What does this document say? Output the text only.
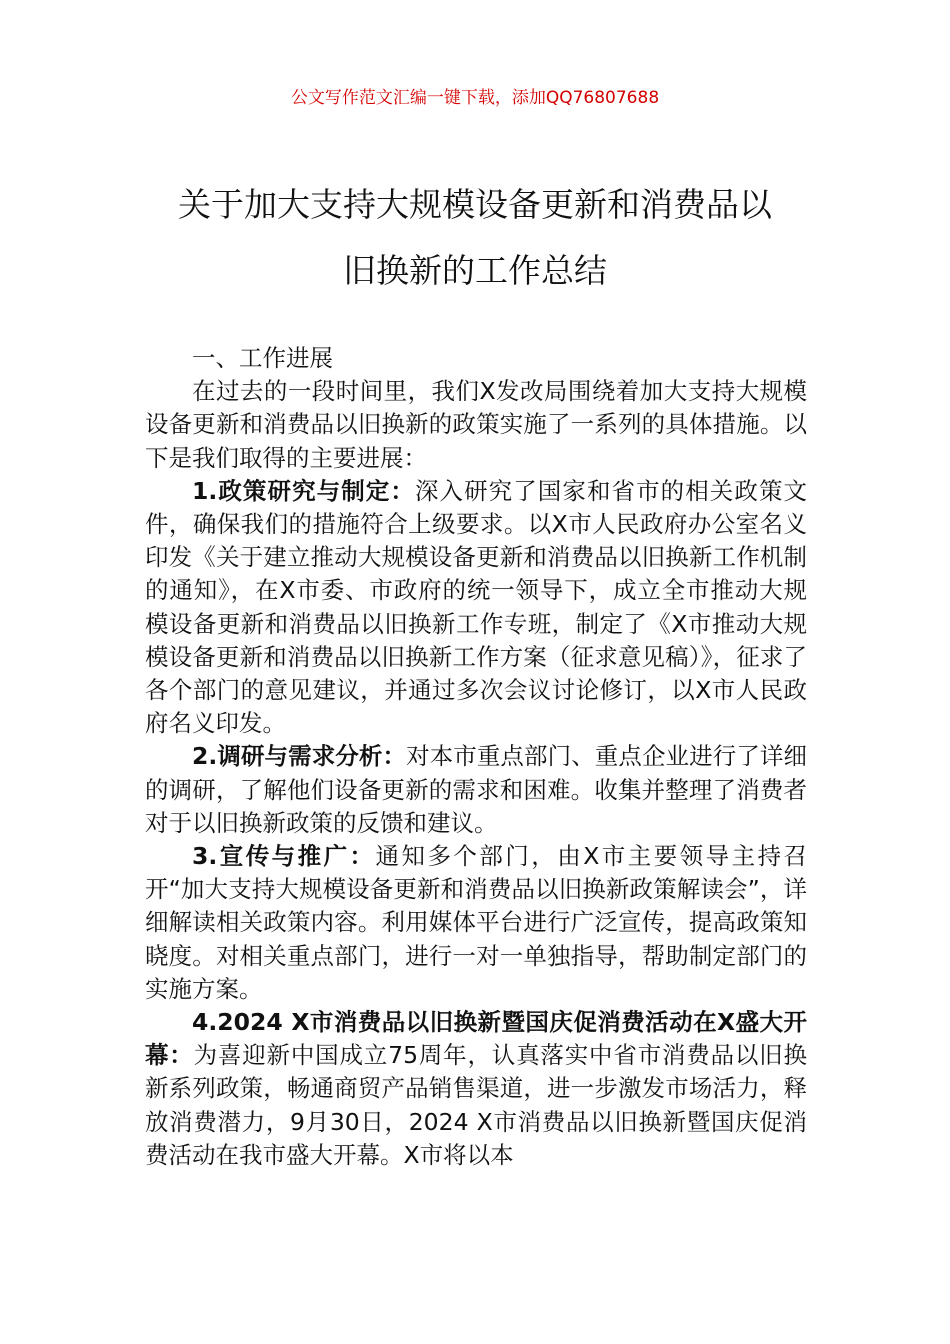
公文写作范文汇编一键下载，添加QQ76807688
关于加大支持大规模设备更新和消费品以
旧换新的工作总结

一、工作进展

在过去的一段时间里，我们X发改局围绕着加大支持大规模设备更新和消费品以旧换新的政策实施了一系列的具体措施。以下是我们取得的主要进展：

1.政策研究与制定：深入研究了国家和省市的相关政策文件，确保我们的措施符合上级要求。以X市人民政府办公室名义印发《关于建立推动大规模设备更新和消费品以旧换新工作机制的通知》，在X市委、市政府的统一领导下，成立全市推动大规模设备更新和消费品以旧换新工作专班，制定了《X市推动大规模设备更新和消费品以旧换新工作方案（征求意见稿）》，征求了各个部门的意见建议，并通过多次会议讨论修订，以X市人民政府名义印发。

2.调研与需求分析：对本市重点部门、重点企业进行了详细的调研，了解他们设备更新的需求和困难。收集并整理了消费者对于以旧换新政策的反馈和建议。

3.宣传与推广：通知多个部门，由X市主要领导主持召开“加大支持大规模设备更新和消费品以旧换新政策解读会”，详细解读相关政策内容。利用媒体平台进行广泛宣传，提高政策知晓度。对相关重点部门，进行一对一单独指导，帮助制定部门的实施方案。

4.2024 X市消费品以旧换新暨国庆促消费活动在X盛大开幕：为喜迎新中国成立75周年，认真落实中省市消费品以旧换新系列政策，畅通商贸产品销售渠道，进一步激发市场活力，释放消费潜力，9月30日，2024 X市消费品以旧换新暨国庆促消费活动在我市盛大开幕。X市将以本
